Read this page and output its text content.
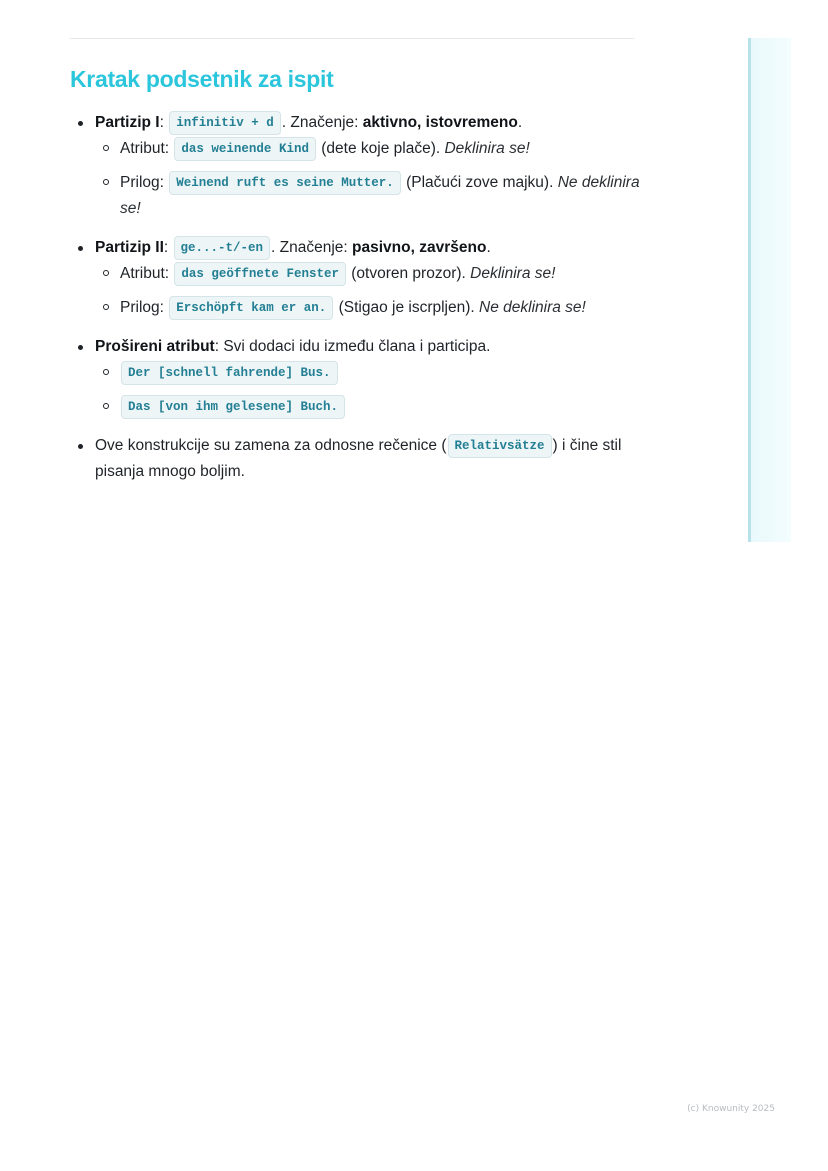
Kratak podsetnik za ispit
Partizip I: infinitiv + d . Značenje: aktivno, istovremeno.
Atribut: das weinende Kind (dete koje plače). Deklinira se!
Prilog: Weinend ruft es seine Mutter. (Plačući zove majku). Ne deklinira se!
Partizip II: ge...-t/-en . Značenje: pasivno, završeno.
Atribut: das geöffnete Fenster (otvoren prozor). Deklinira se!
Prilog: Erschöpft kam er an. (Stigao je iscrpljen). Ne deklinira se!
Prošireni atribut: Svi dodaci idu između člana i participa.
Der [schnell fahrende] Bus.
Das [von ihm gelesene] Buch.
Ove konstrukcije su zamena za odnosne rečenice ( Relativsätze ) i čine stil pisanja mnogo boljim.
(c) Knowunity 2025
